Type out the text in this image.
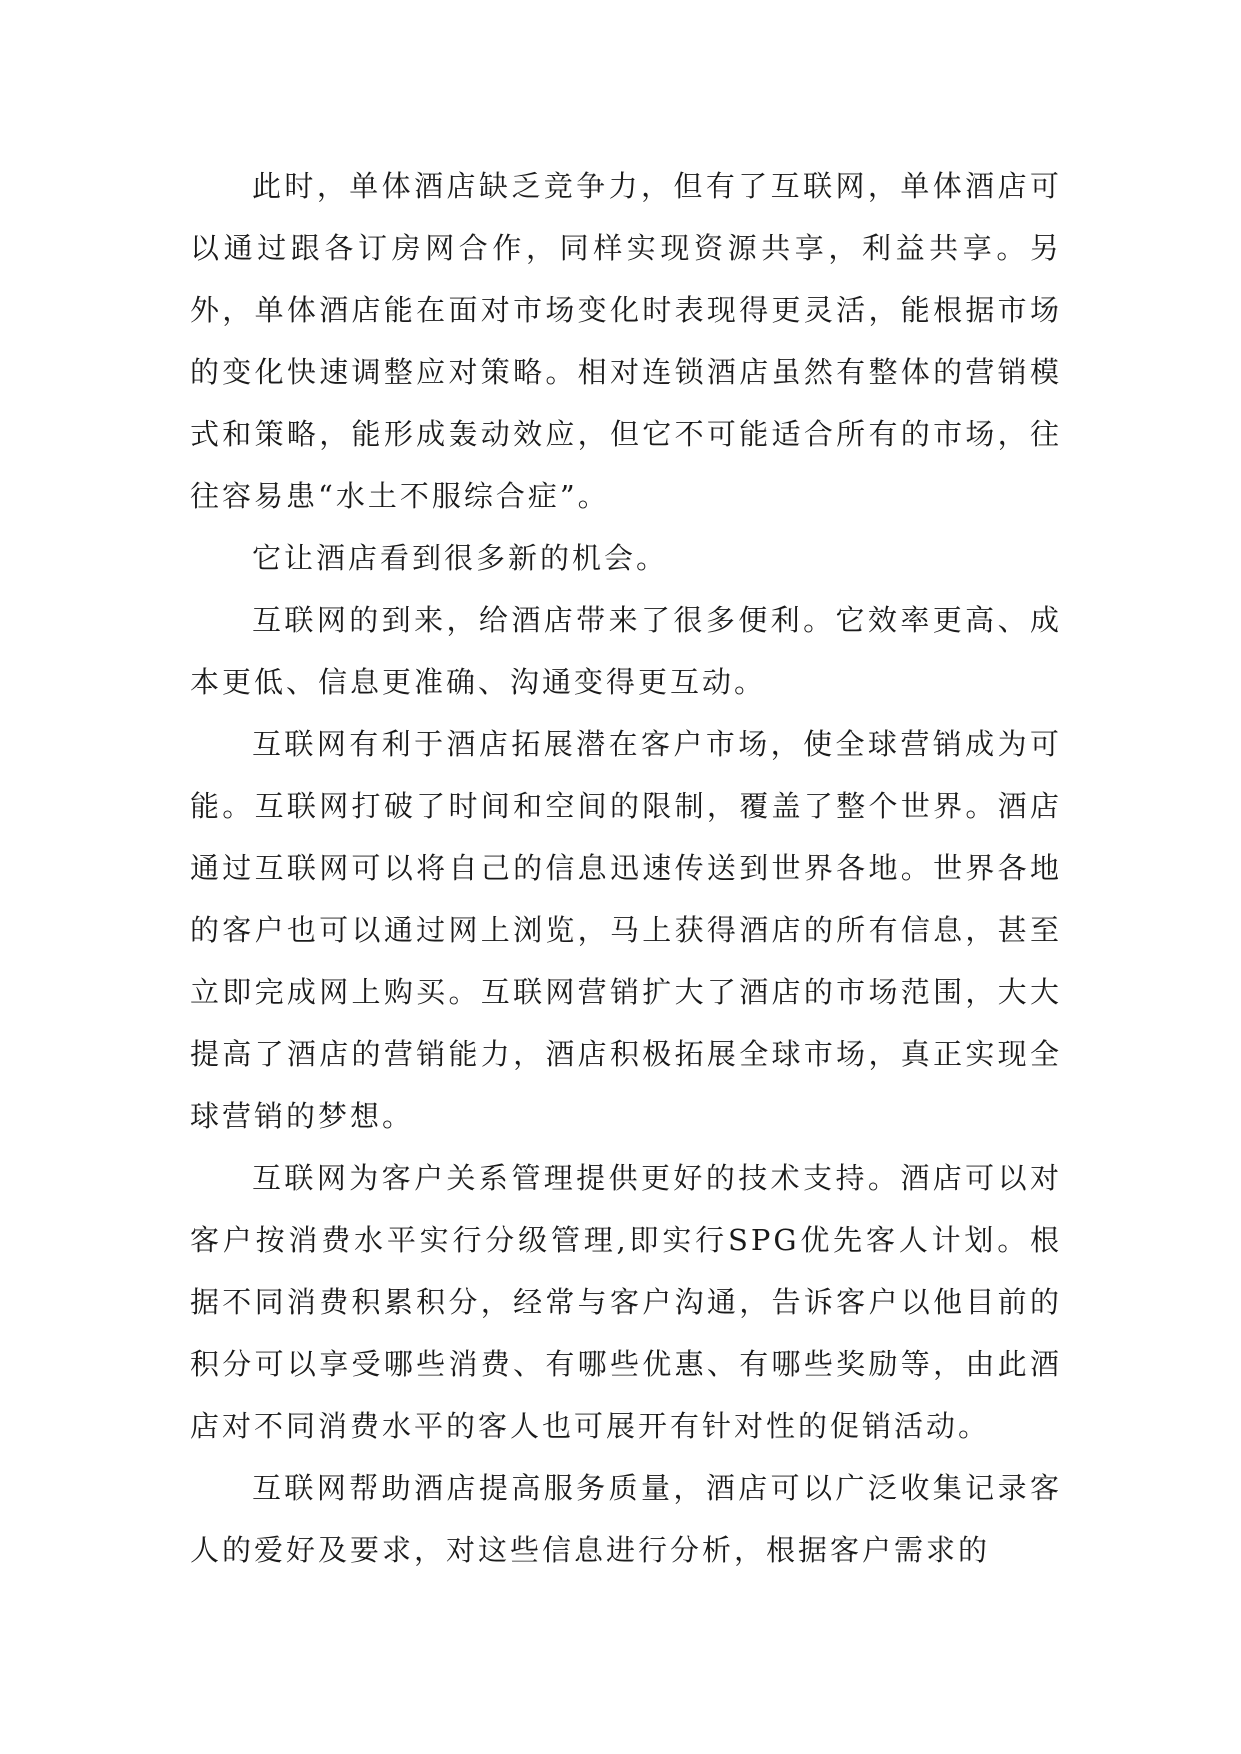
此时，单体酒店缺乏竞争力，但有了互联网，单体酒店可以通过跟各订房网合作，同样实现资源共享，利益共享。另外，单体酒店能在面对市场变化时表现得更灵活，能根据市场的变化快速调整应对策略。相对连锁酒店虽然有整体的营销模式和策略，能形成轰动效应，但它不可能适合所有的市场，往往容易患“水土不服综合症”。

它让酒店看到很多新的机会。

互联网的到来，给酒店带来了很多便利。它效率更高、成本更低、信息更准确、沟通变得更互动。

互联网有利于酒店拓展潜在客户市场，使全球营销成为可能。互联网打破了时间和空间的限制，覆盖了整个世界。酒店通过互联网可以将自己的信息迅速传送到世界各地。世界各地的客户也可以通过网上浏览，马上获得酒店的所有信息，甚至立即完成网上购买。互联网营销扩大了酒店的市场范围，大大提高了酒店的营销能力，酒店积极拓展全球市场，真正实现全球营销的梦想。

互联网为客户关系管理提供更好的技术支持。酒店可以对客户按消费水平实行分级管理,即实行SPG优先客人计划。根据不同消费积累积分，经常与客户沟通，告诉客户以他目前的积分可以享受哪些消费、有哪些优惠、有哪些奖励等，由此酒店对不同消费水平的客人也可展开有针对性的促销活动。

互联网帮助酒店提高服务质量，酒店可以广泛收集记录客人的爱好及要求，对这些信息进行分析，根据客户需求的
